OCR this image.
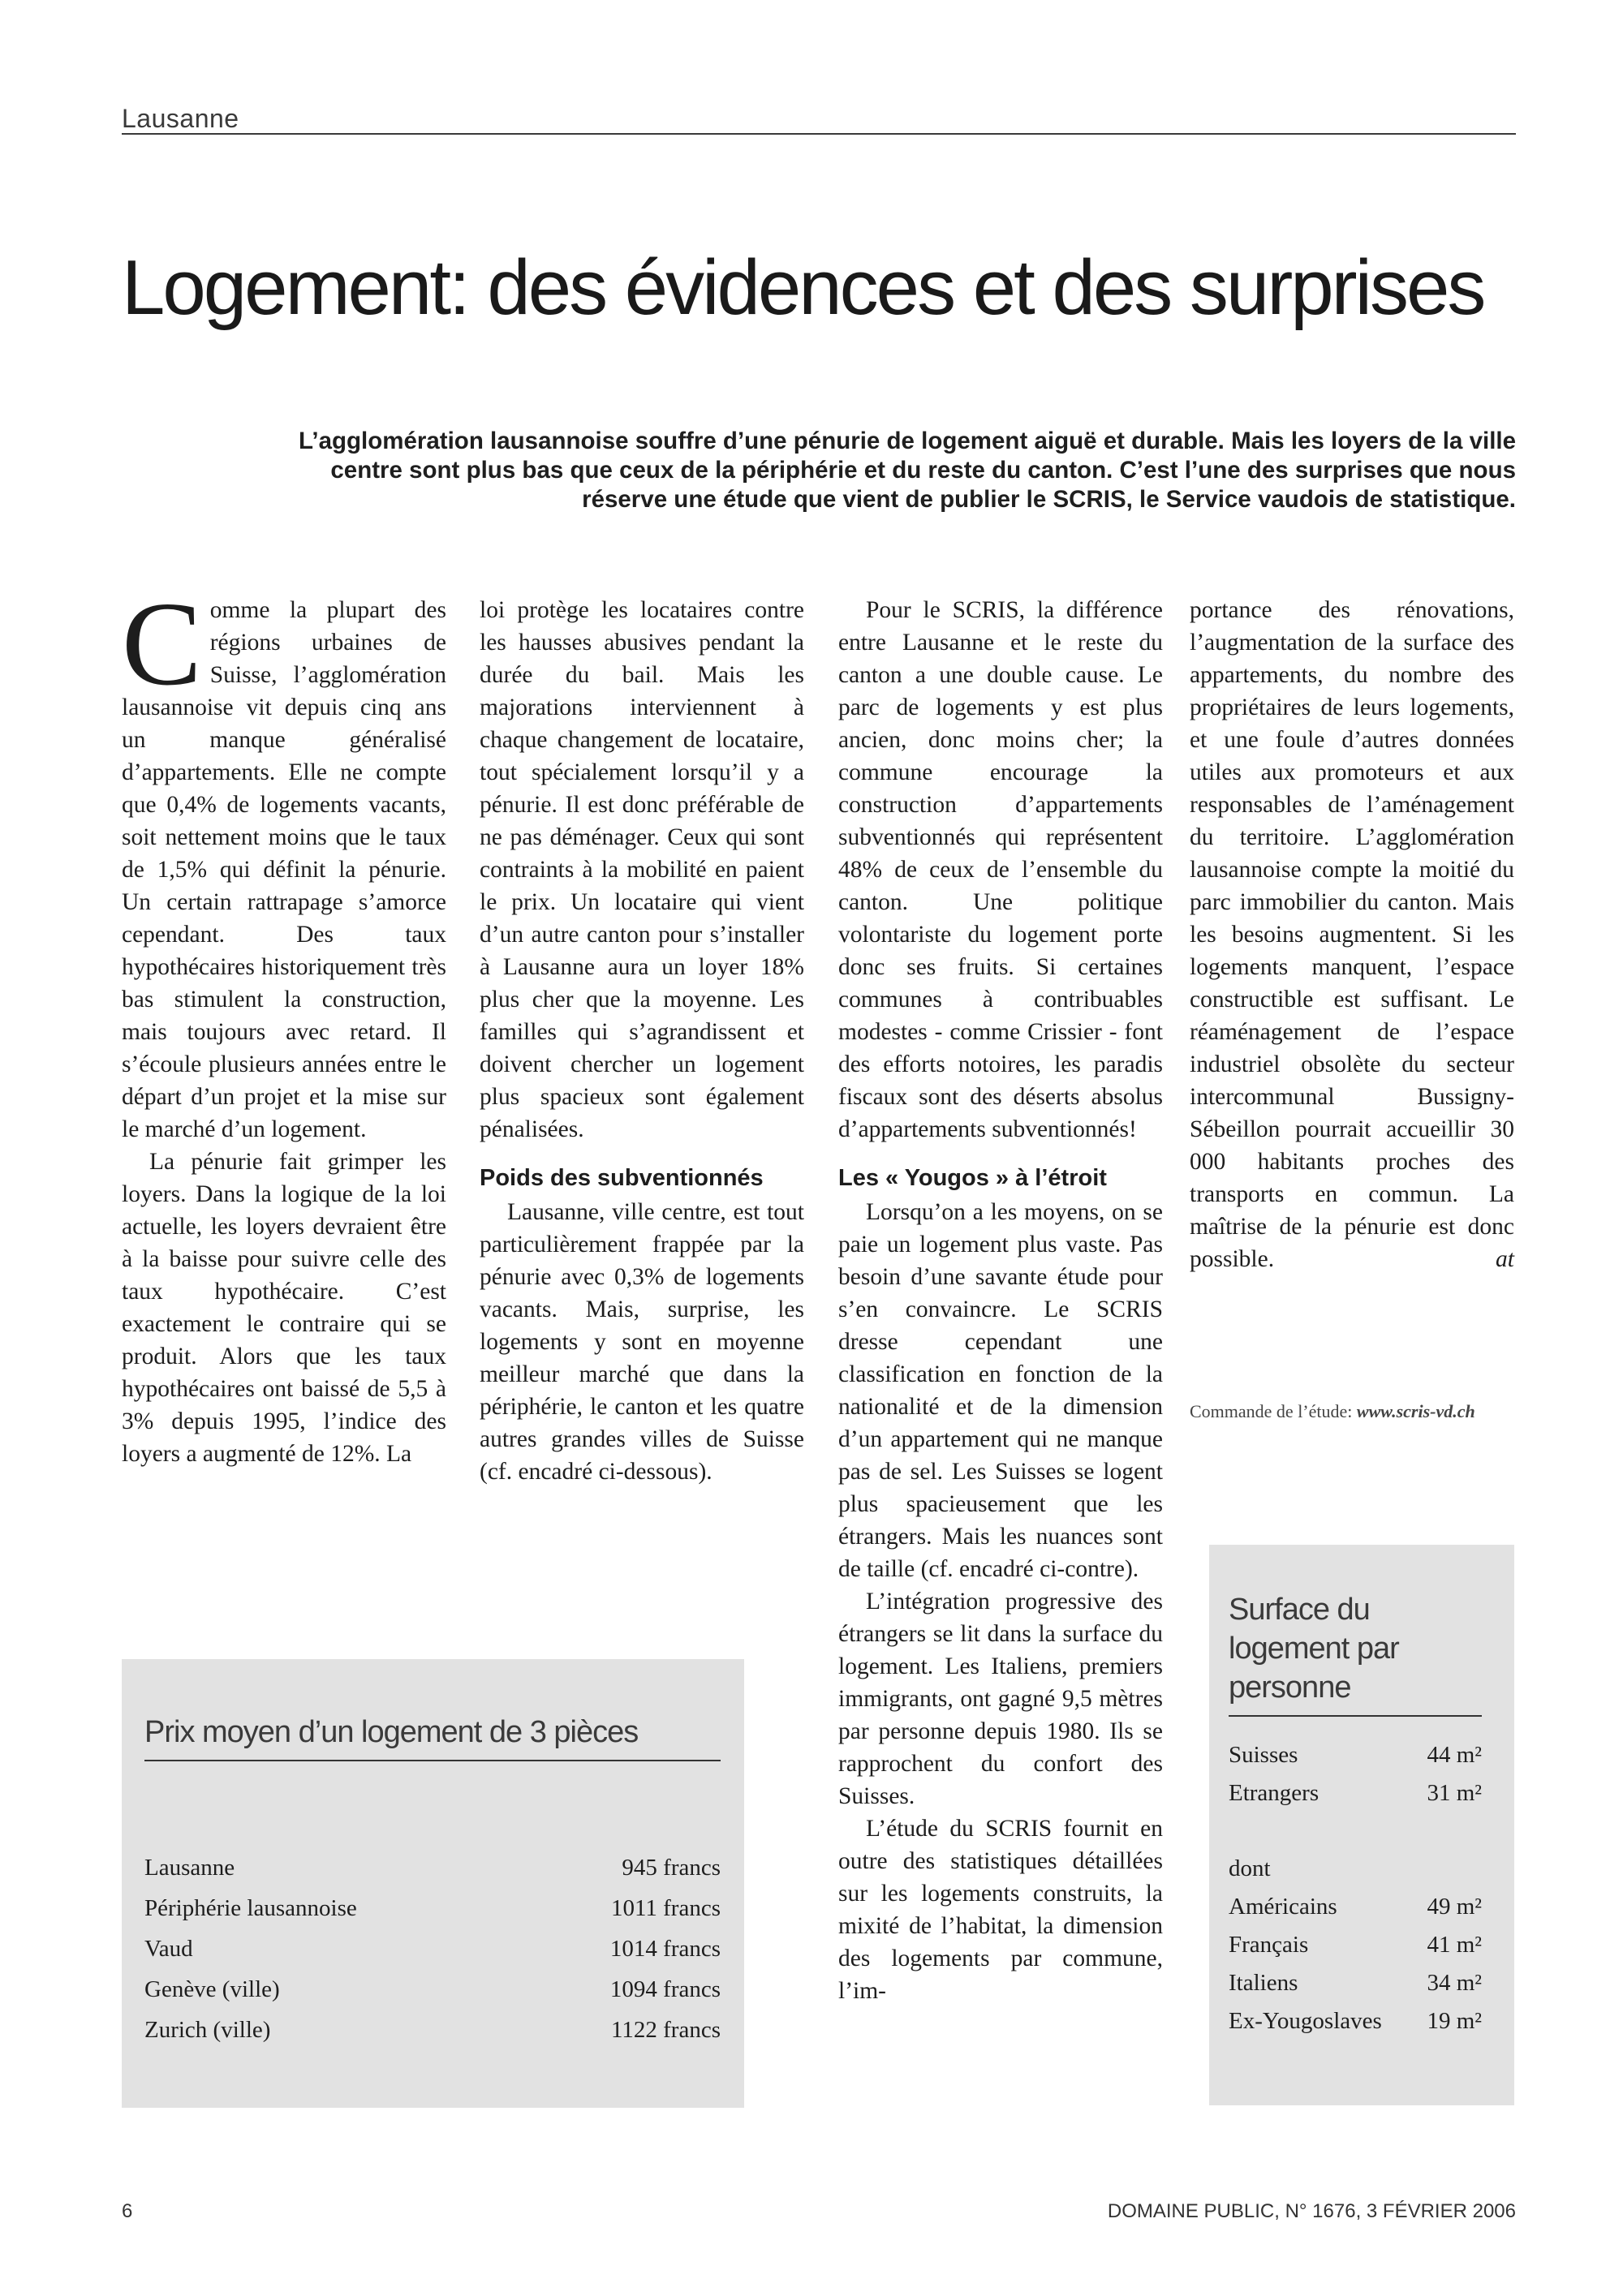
Lausanne
Logement: des évidences et des surprises
L’agglomération lausannoise souffre d’une pénurie de logement aiguë et durable. Mais les loyers de la ville centre sont plus bas que ceux de la périphérie et du reste du canton. C’est l’une des surprises que nous réserve une étude que vient de publier le SCRIS, le Service vaudois de statistique.

Comme la plupart des régions urbaines de Suisse, l’agglomération lausannoise vit depuis cinq ans un manque généralisé d’appartements. Elle ne compte que 0,4% de logements vacants, soit nettement moins que le taux de 1,5% qui définit la pénurie. Un certain rattrapage s’amorce cependant. Des taux hypothécaires historiquement très bas stimulent la construction, mais toujours avec retard. Il s’écoule plusieurs années entre le départ d’un projet et la mise sur le marché d’un logement.

La pénurie fait grimper les loyers. Dans la logique de la loi actuelle, les loyers devraient être à la baisse pour suivre celle des taux hypothécaire. C’est exactement le contraire qui se produit. Alors que les taux hypothécaires ont baissé de 5,5 à 3% depuis 1995, l’indice des loyers a augmenté de 12%. La

loi protège les locataires contre les hausses abusives pendant la durée du bail. Mais les majorations interviennent à chaque changement de locataire, tout spécialement lorsqu’il y a pénurie. Il est donc préférable de ne pas déménager. Ceux qui sont contraints à la mobilité en paient le prix. Un locataire qui vient d’un autre canton pour s’installer à Lausanne aura un loyer 18% plus cher que la moyenne. Les familles qui s’agrandissent et doivent chercher un logement plus spacieux sont également pénalisées.

Poids des subventionnés

Lausanne, ville centre, est tout particulièrement frappée par la pénurie avec 0,3% de logements vacants. Mais, surprise, les logements y sont en moyenne meilleur marché que dans la périphérie, le canton et les quatre autres grandes villes de Suisse (cf. encadré ci-dessous).

Pour le SCRIS, la différence entre Lausanne et le reste du canton a une double cause. Le parc de logements y est plus ancien, donc moins cher; la commune encourage la construction d’appartements subventionnés qui représentent 48% de ceux de l’ensemble du canton. Une politique volontariste du logement porte donc ses fruits. Si certaines communes à contribuables modestes - comme Crissier - font des efforts notoires, les paradis fiscaux sont des déserts absolus d’appartements subventionnés!

Les « Yougos » à l’étroit

Lorsqu’on a les moyens, on se paie un logement plus vaste. Pas besoin d’une savante étude pour s’en convaincre. Le SCRIS dresse cependant une classification en fonction de la nationalité et de la dimension d’un appartement qui ne manque pas de sel. Les Suisses se logent plus spacieusement que les étrangers. Mais les nuances sont de taille (cf. encadré ci-contre).

L’intégration progressive des étrangers se lit dans la surface du logement. Les Italiens, premiers immigrants, ont gagné 9,5 mètres par personne depuis 1980. Ils se rapprochent du confort des Suisses.

L’étude du SCRIS fournit en outre des statistiques détaillées sur les logements construits, la mixité de l’habitat, la dimension des logements par commune, l’im-

portance des rénovations, l’augmentation de la surface des appartements, du nombre des propriétaires de leurs logements, et une foule d’autres données utiles aux promoteurs et aux responsables de l’aménagement du territoire. L’agglomération lausannoise compte la moitié du parc immobilier du canton. Mais les besoins augmentent. Si les logements manquent, l’espace constructible est suffisant. Le réaménagement de l’espace industriel obsolète du secteur intercommunal Bussigny-Sébeillon pourrait accueillir 30 000 habitants proches des transports en commun. La maîtrise de la pénurie est donc possible.	at

Commande de l’étude: www.scris-vd.ch
Prix moyen d’un logement de 3 pièces
Lausanne	945 francs
Périphérie lausannoise	1011 francs
Vaud	1014 francs
Genève (ville)	1094 francs
Zurich (ville)	1122 francs
Surface du logement par personne
Suisses	44 m²
Etrangers	31 m²

dont	
Américains	49 m²
Français	41 m²
Italiens	34 m²
Ex-Yougoslaves	19 m²
6	DOMAINE PUBLIC, N° 1676, 3 FÉVRIER 2006
